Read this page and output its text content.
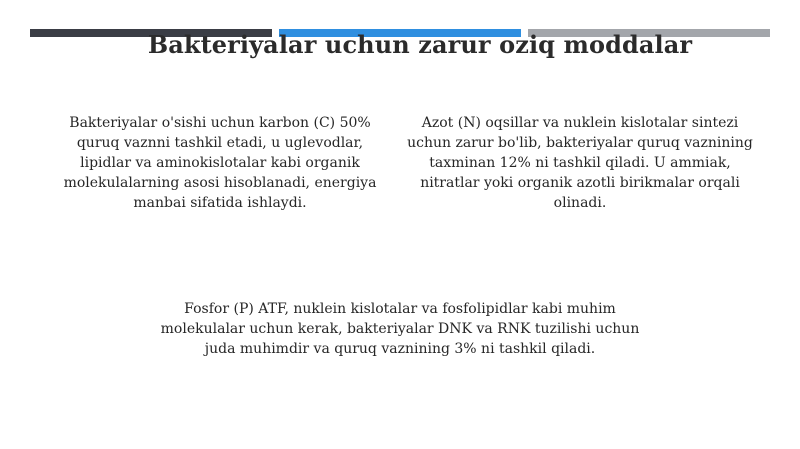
Bakteriyalar uchun zarur oziq moddalar

Bakteriyalar o'sishi uchun karbon (C) 50% quruq vaznni tashkil etadi, u uglevodlar, lipidlar va aminokislotalar kabi organik molekulalarning asosi hisoblanadi, energiya manbai sifatida ishlaydi.

Azot (N) oqsillar va nuklein kislotalar sintezi uchun zarur bo'lib, bakteriyalar quruq vaznining taxminan 12% ni tashkil qiladi. U ammiak, nitratlar yoki organik azotli birikmalar orqali olinadi.

Fosfor (P) ATF, nuklein kislotalar va fosfolipidlar kabi muhim molekulalar uchun kerak, bakteriyalar DNK va RNK tuzilishi uchun juda muhimdir va quruq vaznining 3% ni tashkil qiladi.
